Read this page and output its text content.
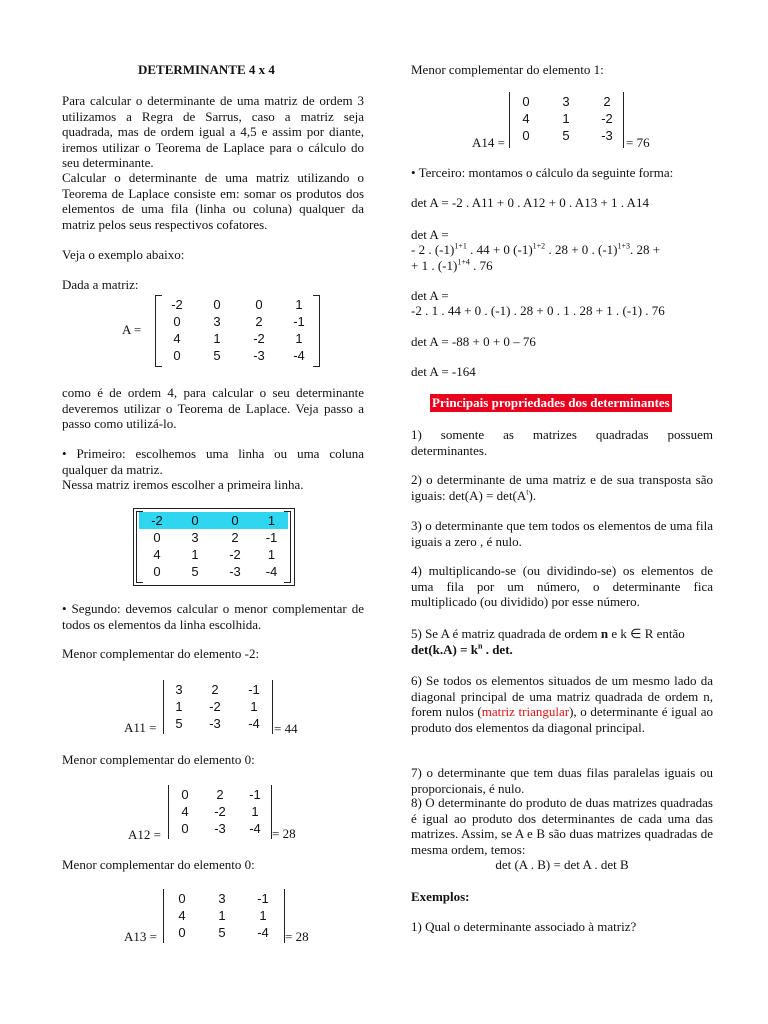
DETERMINANTE 4 x 4

Para calcular o determinante de uma matriz de ordem 3 utilizamos a Regra de Sarrus, caso a matriz seja quadrada, mas de ordem igual a 4,5 e assim por diante, iremos utilizar o Teorema de Laplace para o cálculo do seu determinante.

Calcular o determinante de uma matriz utilizando o Teorema de Laplace consiste em: somar os produtos dos elementos de uma fila (linha ou coluna) qualquer da matriz pelos seus respectivos cofatores.

Veja o exemplo abaixo:

Dada a matriz:

A =
-2	0	0	1
0	3	2	-1
4	1	-2	1
0	5	-3	-4

como é de ordem 4, para calcular o seu determinante deveremos utilizar o Teorema de Laplace. Veja passo a passo como utilizá-lo.

• Primeiro: escolhemos uma linha ou uma coluna qualquer da matriz.

Nessa matriz iremos escolher a primeira linha.

-2	0	0	1
0	3	2	-1
4	1	-2	1
0	5	-3	-4

• Segundo: devemos calcular o menor complementar de todos os elementos da linha escolhida.

Menor complementar do elemento -2:

A11 =
3	2	-1
1	-2	1
5	-3	-4	= 44

Menor complementar do elemento 0:

A12 =
0	2	-1
4	-2	1
0	-3	-4 = 28

Menor complementar do elemento 0:

A13 =
0	3	-1
4	1	1
0	5	-4	= 28

Menor complementar do elemento 1:

A14 =
0	3	2
4	1	-2
0	5	-3	= 76

• Terceiro: montamos o cálculo da seguinte forma:

det A = -2 . A11 + 0 . A12 + 0 . A13 + 1 . A14

det A =

- 2 . $(-1)^{1+1}$ . 44 + 0 $(-1)^{1+2}$ . 28 + 0 . $(-1)^{1+3}$. 28 +
+ 1 . $(-1)^{1+4}$ . 76

det A =

-2 . 1 . 44 + 0 . (-1) . 28 + 0 . 1 . 28 + 1 . (-1) . 76

det A = -88 + 0 + 0 – 76

det A = -164

Principais propriedades dos determinantes

1) somente as matrizes quadradas possuem determinantes.

2) o determinante de uma matriz e de sua transposta são iguais: $\det(A) = \det(A^t)$.

3) o determinante que tem todos os elementos de uma fila iguais a zero , é nulo.

4) multiplicando-se (ou dividindo-se) os elementos de uma fila por um número, o determinante fica multiplicado (ou dividido) por esse número.

5) Se A é matriz quadrada de ordem n e k ∈ R então
$\det(k.A) = k^n$ . det.

6) Se todos os elementos situados de um mesmo lado da diagonal principal de uma matriz quadrada de ordem n, forem nulos (matriz triangular), o determinante é igual ao produto dos elementos da diagonal principal.

7) o determinante que tem duas filas paralelas iguais ou proporcionais, é nulo.

8) O determinante do produto de duas matrizes quadradas é igual ao produto dos determinantes de cada uma das matrizes. Assim, se A e B são duas matrizes quadradas de mesma ordem, temos:

det (A . B) = det A . det B

Exemplos:

1) Qual o determinante associado à matriz?
